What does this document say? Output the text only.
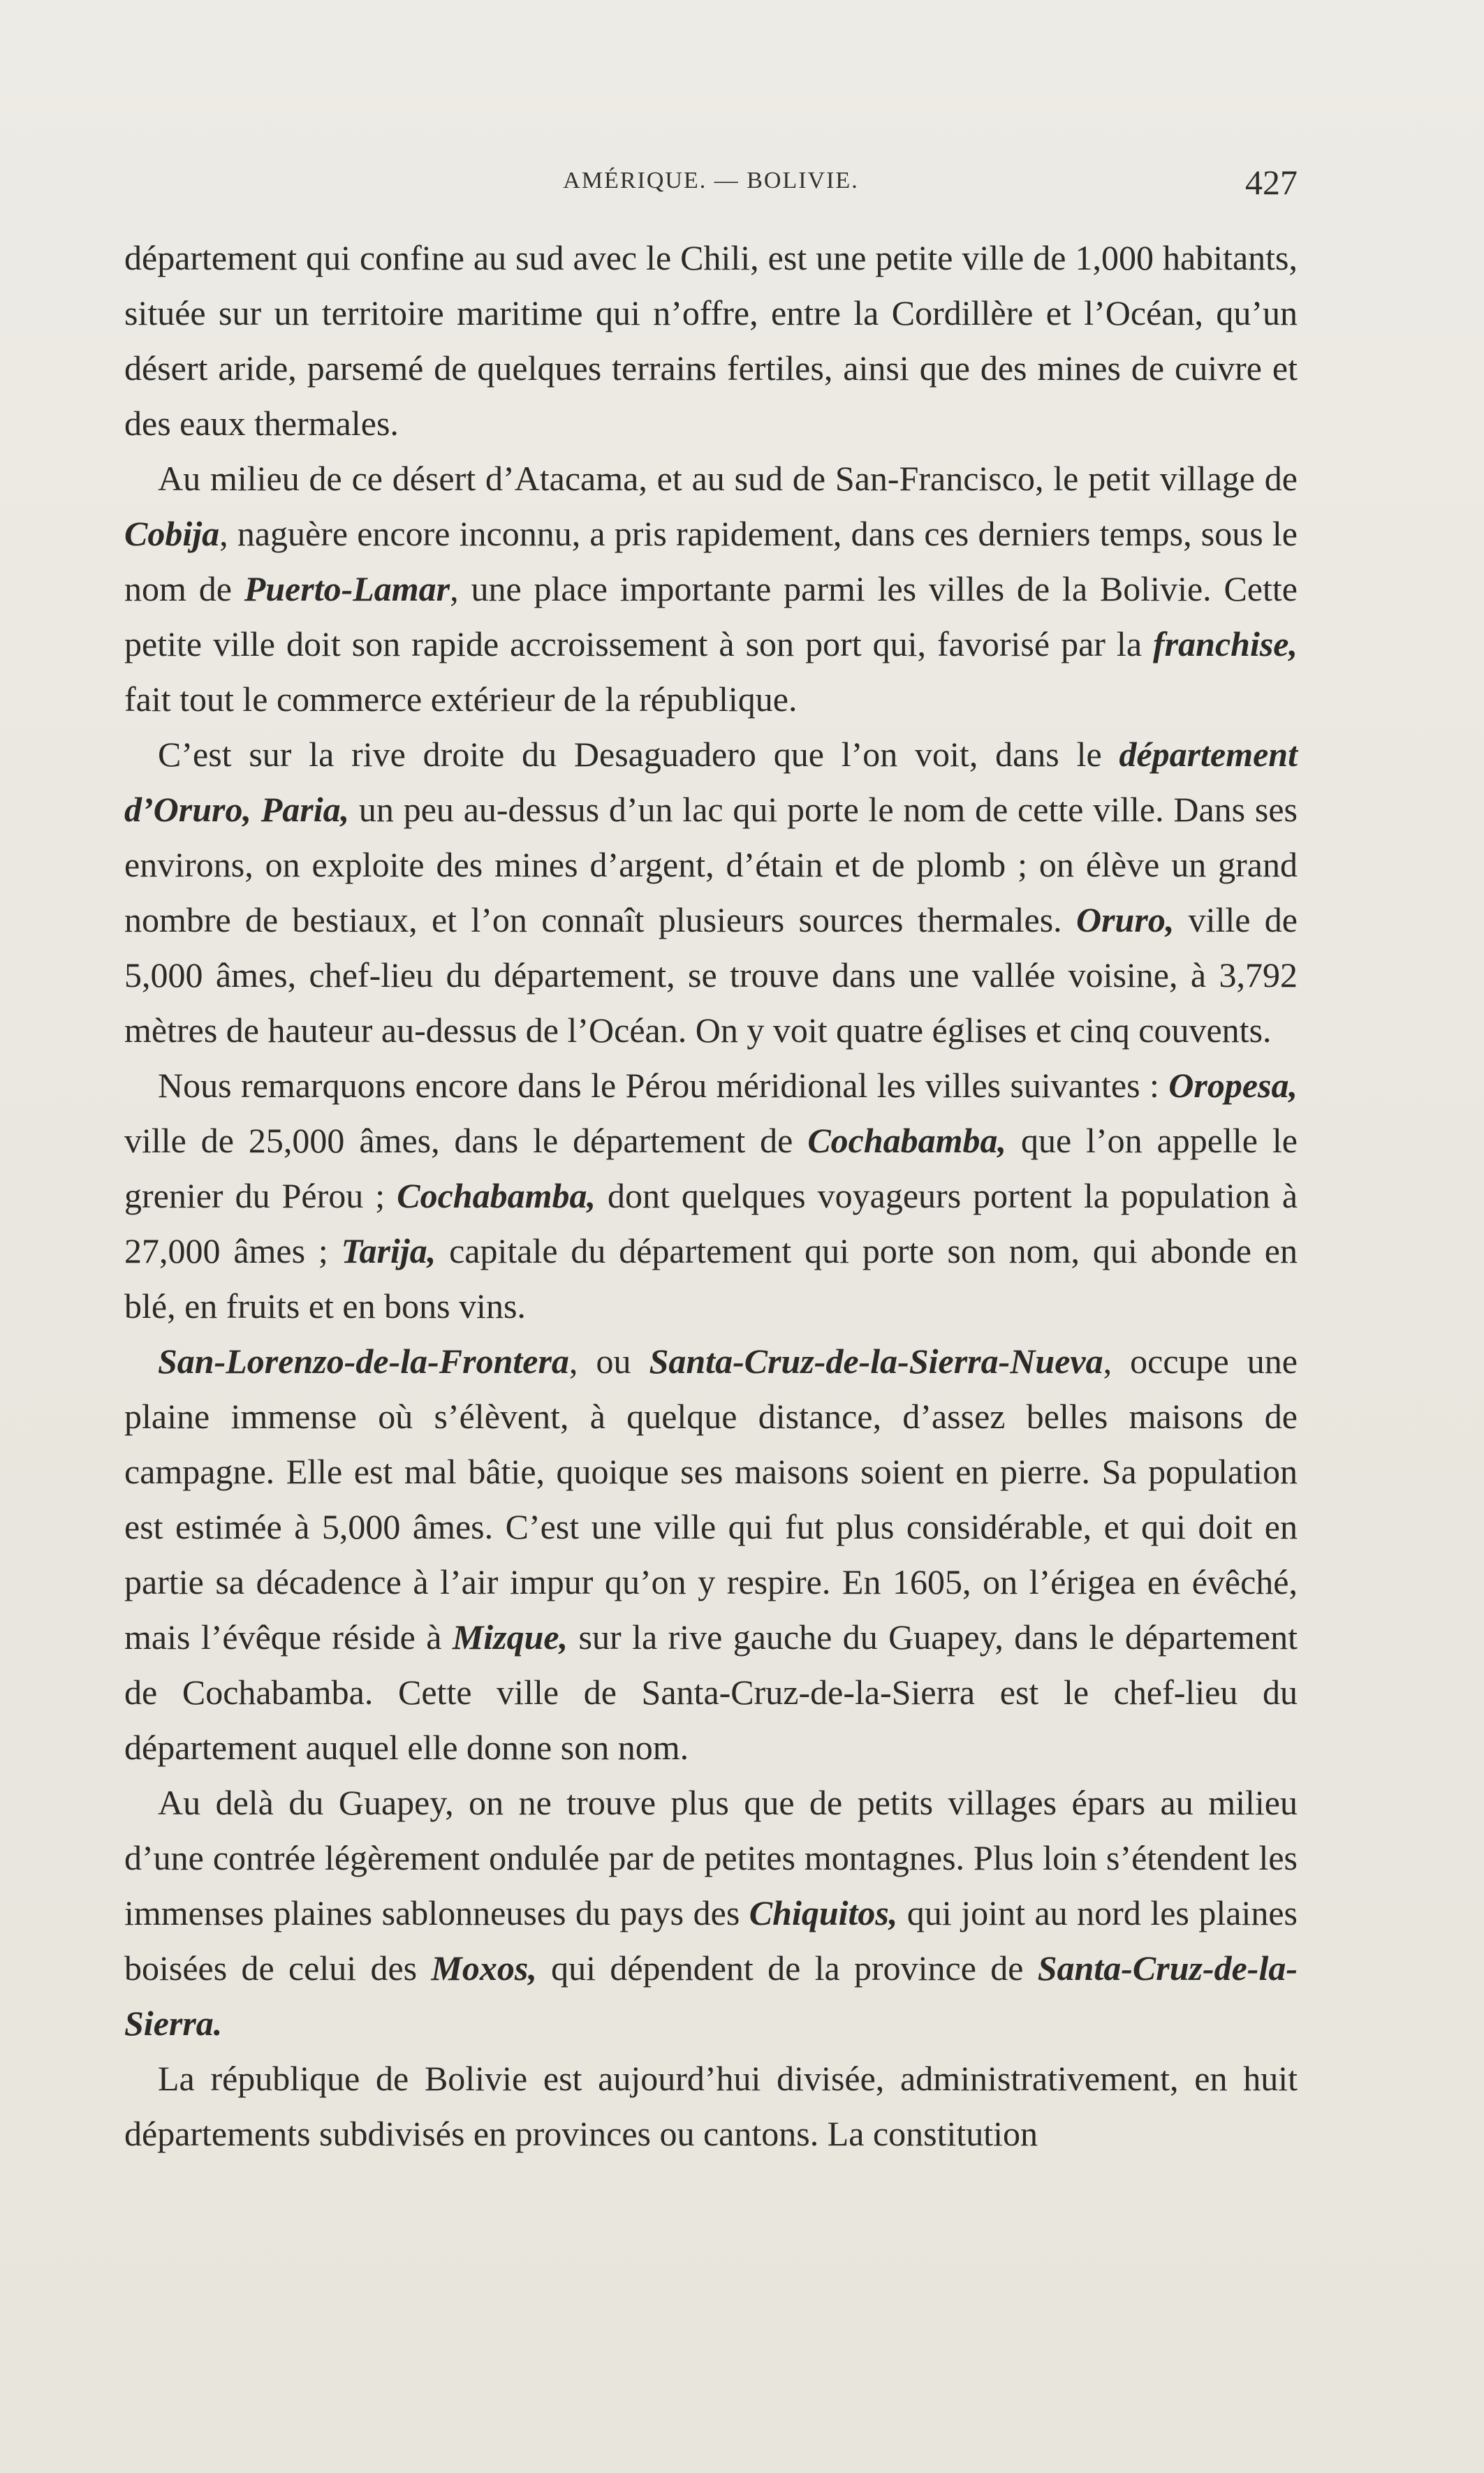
AMÉRIQUE. — BOLIVIE.	427

département qui confine au sud avec le Chili, est une petite ville de 1,000 habitants, située sur un territoire maritime qui n’offre, entre la Cordillère et l’Océan, qu’un désert aride, parsemé de quelques terrains fertiles, ainsi que des mines de cuivre et des eaux thermales.

Au milieu de ce désert d’Atacama, et au sud de San-Francisco, le petit village de Cobija, naguère encore inconnu, a pris rapidement, dans ces derniers temps, sous le nom de Puerto-Lamar, une place importante parmi les villes de la Bolivie. Cette petite ville doit son rapide accroissement à son port qui, favorisé par la franchise, fait tout le commerce extérieur de la république.

C’est sur la rive droite du Desaguadero que l’on voit, dans le département d’Oruro, Paria, un peu au-dessus d’un lac qui porte le nom de cette ville. Dans ses environs, on exploite des mines d’argent, d’étain et de plomb ; on élève un grand nombre de bestiaux, et l’on connaît plusieurs sources thermales. Oruro, ville de 5,000 âmes, chef-lieu du département, se trouve dans une vallée voisine, à 3,792 mètres de hauteur au-dessus de l’Océan. On y voit quatre églises et cinq couvents.

Nous remarquons encore dans le Pérou méridional les villes suivantes : Oropesa, ville de 25,000 âmes, dans le département de Cochabamba, que l’on appelle le grenier du Pérou ; Cochabamba, dont quelques voyageurs portent la population à 27,000 âmes ; Tarija, capitale du département qui porte son nom, qui abonde en blé, en fruits et en bons vins.

San-Lorenzo-de-la-Frontera, ou Santa-Cruz-de-la-Sierra-Nueva, occupe une plaine immense où s’élèvent, à quelque distance, d’assez belles maisons de campagne. Elle est mal bâtie, quoique ses maisons soient en pierre. Sa population est estimée à 5,000 âmes. C’est une ville qui fut plus considérable, et qui doit en partie sa décadence à l’air impur qu’on y respire. En 1605, on l’érigea en évêché, mais l’évêque réside à Mizque, sur la rive gauche du Guapey, dans le département de Cochabamba. Cette ville de Santa-Cruz-de-la-Sierra est le chef-lieu du département auquel elle donne son nom.

Au delà du Guapey, on ne trouve plus que de petits villages épars au milieu d’une contrée légèrement ondulée par de petites montagnes. Plus loin s’étendent les immenses plaines sablonneuses du pays des Chiquitos, qui joint au nord les plaines boisées de celui des Moxos, qui dépendent de la province de Santa-Cruz-de-la-Sierra.

La république de Bolivie est aujourd’hui divisée, administrativement, en huit départements subdivisés en provinces ou cantons. La constitution
